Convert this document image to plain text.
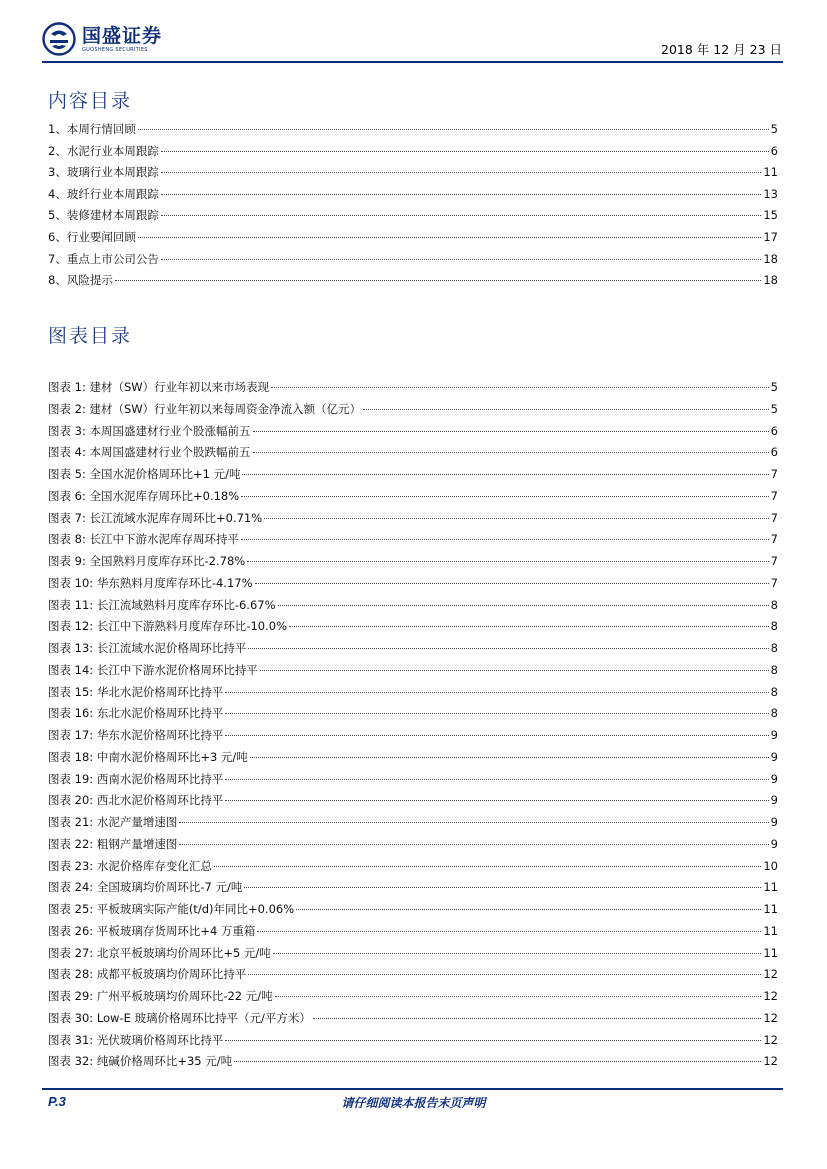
国盛证券
GUOSHENG SECURITIES	2018 年 12 月 23 日
内容目录
1、本周行情回顾	5
2、水泥行业本周跟踪	6
3、玻璃行业本周跟踪	11
4、玻纤行业本周跟踪	13
5、装修建材本周跟踪	15
6、行业要闻回顾	17
7、重点上市公司公告	18
8、风险提示	18
图表目录
图表 1: 建材（SW）行业年初以来市场表现	5
图表 2: 建材（SW）行业年初以来每周资金净流入额（亿元）	5
图表 3: 本周国盛建材行业个股涨幅前五	6
图表 4: 本周国盛建材行业个股跌幅前五	6
图表 5: 全国水泥价格周环比+1 元/吨	7
图表 6: 全国水泥库存周环比+0.18%	7
图表 7: 长江流域水泥库存周环比+0.71%	7
图表 8: 长江中下游水泥库存周环持平	7
图表 9: 全国熟料月度库存环比-2.78%	7
图表 10: 华东熟料月度库存环比-4.17%	7
图表 11: 长江流域熟料月度库存环比-6.67%	8
图表 12: 长江中下游熟料月度库存环比-10.0%	8
图表 13: 长江流域水泥价格周环比持平	8
图表 14: 长江中下游水泥价格周环比持平	8
图表 15: 华北水泥价格周环比持平	8
图表 16: 东北水泥价格周环比持平	8
图表 17: 华东水泥价格周环比持平	9
图表 18: 中南水泥价格周环比+3 元/吨	9
图表 19: 西南水泥价格周环比持平	9
图表 20: 西北水泥价格周环比持平	9
图表 21: 水泥产量增速图	9
图表 22: 粗钢产量增速图	9
图表 23: 水泥价格库存变化汇总	10
图表 24: 全国玻璃均价周环比-7 元/吨	11
图表 25: 平板玻璃实际产能(t/d)年同比+0.06%	11
图表 26: 平板玻璃存货周环比+4 万重箱	11
图表 27: 北京平板玻璃均价周环比+5 元/吨	11
图表 28: 成都平板玻璃均价周环比持平	12
图表 29: 广州平板玻璃均价周环比-22 元/吨	12
图表 30: Low-E 玻璃价格周环比持平（元/平方米）	12
图表 31: 光伏玻璃价格周环比持平	12
图表 32: 纯碱价格周环比+35 元/吨	12
请仔细阅读本报告末页声明
P.3
